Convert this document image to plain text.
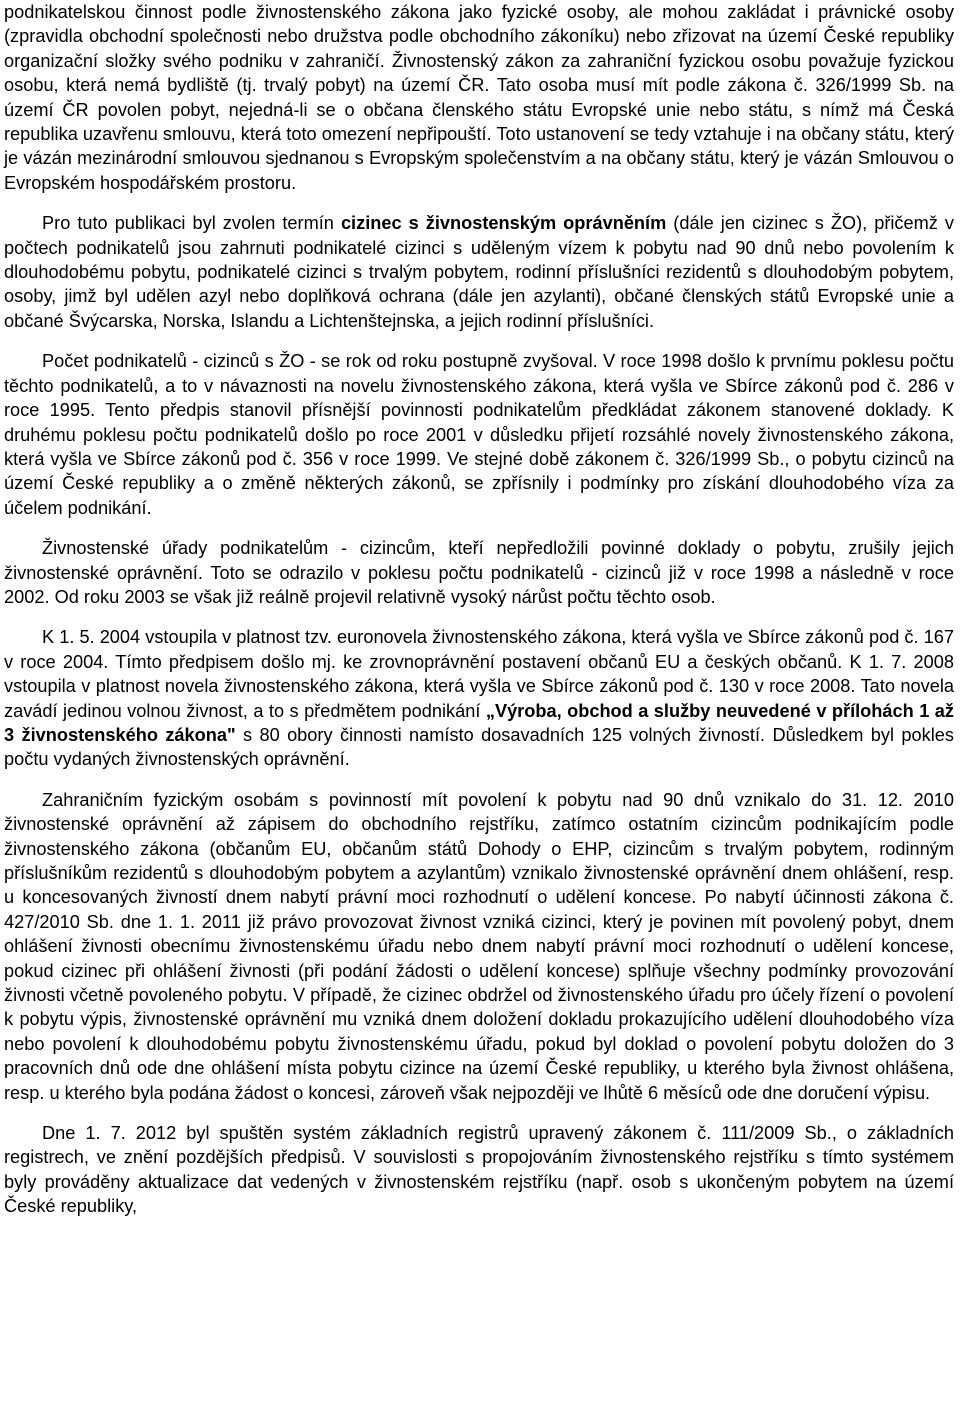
podnikatelskou činnost podle živnostenského zákona jako fyzické osoby, ale mohou zakládat i právnické osoby (zpravidla obchodní společnosti nebo družstva podle obchodního zákoníku) nebo zřizovat na území České republiky organizační složky svého podniku v zahraničí. Živnostenský zákon za zahraniční fyzickou osobu považuje fyzickou osobu, která nemá bydliště (tj. trvalý pobyt) na území ČR. Tato osoba musí mít podle zákona č. 326/1999 Sb. na území ČR povolen pobyt, nejedná-li se o občana členského státu Evropské unie nebo státu, s nímž má Česká republika uzavřenu smlouvu, která toto omezení nepřipouští. Toto ustanovení se tedy vztahuje i na občany státu, který je vázán mezinárodní smlouvou sjednanou s Evropským společenstvím a na občany státu, který je vázán Smlouvou o Evropském hospodářském prostoru.

Pro tuto publikaci byl zvolen termín cizinec s živnostenským oprávněním (dále jen cizinec s ŽO), přičemž v počtech podnikatelů jsou zahrnuti podnikatelé cizinci s uděleným vízem k pobytu nad 90 dnů nebo povolením k dlouhodobému pobytu, podnikatelé cizinci s trvalým pobytem, rodinní příslušníci rezidentů s dlouhodobým pobytem, osoby, jimž byl udělen azyl nebo doplňková ochrana (dále jen azylanti), občané členských států Evropské unie a občané Švýcarska, Norska, Islandu a Lichtenštejnska, a jejich rodinní příslušníci.

Počet podnikatelů - cizinců s ŽO - se rok od roku postupně zvyšoval. V roce 1998 došlo k prvnímu poklesu počtu těchto podnikatelů, a to v návaznosti na novelu živnostenského zákona, která vyšla ve Sbírce zákonů pod č. 286 v roce 1995. Tento předpis stanovil přísnější povinnosti podnikatelům předkládat zákonem stanovené doklady. K druhému poklesu počtu podnikatelů došlo po roce 2001 v důsledku přijetí rozsáhlé novely živnostenského zákona, která vyšla ve Sbírce zákonů pod č. 356 v roce 1999. Ve stejné době zákonem č. 326/1999 Sb., o pobytu cizinců na území České republiky a o změně některých zákonů, se zpřísnily i podmínky pro získání dlouhodobého víza za účelem podnikání.

Živnostenské úřady podnikatelům - cizincům, kteří nepředložili povinné doklady o pobytu, zrušily jejich živnostenské oprávnění. Toto se odrazilo v poklesu počtu podnikatelů - cizinců již v roce 1998 a následně v roce 2002. Od roku 2003 se však již reálně projevil relativně vysoký nárůst počtu těchto osob.

K 1. 5. 2004 vstoupila v platnost tzv. euronovela živnostenského zákona, která vyšla ve Sbírce zákonů pod č. 167 v roce 2004. Tímto předpisem došlo mj. ke zrovnoprávnění postavení občanů EU a českých občanů. K 1. 7. 2008 vstoupila v platnost novela živnostenského zákona, která vyšla ve Sbírce zákonů pod č. 130 v roce 2008. Tato novela zavádí jedinou volnou živnost, a to s předmětem podnikání „Výroba, obchod a služby neuvedené v přílohách 1 až 3 živnostenského zákona" s 80 obory činnosti namísto dosavadních 125 volných živností. Důsledkem byl pokles počtu vydaných živnostenských oprávnění.

Zahraničním fyzickým osobám s povinností mít povolení k pobytu nad 90 dnů vznikalo do 31. 12. 2010 živnostenské oprávnění až zápisem do obchodního rejstříku, zatímco ostatním cizincům podnikajícím podle živnostenského zákona (občanům EU, občanům států Dohody o EHP, cizincům s trvalým pobytem, rodinným příslušníkům rezidentů s dlouhodobým pobytem a azylantům) vznikalo živnostenské oprávnění dnem ohlášení, resp. u koncesovaných živností dnem nabytí právní moci rozhodnutí o udělení koncese. Po nabytí účinnosti zákona č. 427/2010 Sb. dne 1. 1. 2011 již právo provozovat živnost vzniká cizinci, který je povinen mít povolený pobyt, dnem ohlášení živnosti obecnímu živnostenskému úřadu nebo dnem nabytí právní moci rozhodnutí o udělení koncese, pokud cizinec při ohlášení živnosti (při podání žádosti o udělení koncese) splňuje všechny podmínky provozování živnosti včetně povoleného pobytu. V případě, že cizinec obdržel od živnostenského úřadu pro účely řízení o povolení k pobytu výpis, živnostenské oprávnění mu vzniká dnem doložení dokladu prokazujícího udělení dlouhodobého víza nebo povolení k dlouhodobému pobytu živnostenskému úřadu, pokud byl doklad o povolení pobytu doložen do 3 pracovních dnů ode dne ohlášení místa pobytu cizince na území České republiky, u kterého byla živnost ohlášena, resp. u kterého byla podána žádost o koncesi, zároveň však nejpozději ve lhůtě 6 měsíců ode dne doručení výpisu.

Dne 1. 7. 2012 byl spuštěn systém základních registrů upravený zákonem č. 111/2009 Sb., o základních registrech, ve znění pozdějších předpisů. V souvislosti s propojováním živnostenského rejstříku s tímto systémem byly prováděny aktualizace dat vedených v živnostenském rejstříku (např. osob s ukončeným pobytem na území České republiky,
